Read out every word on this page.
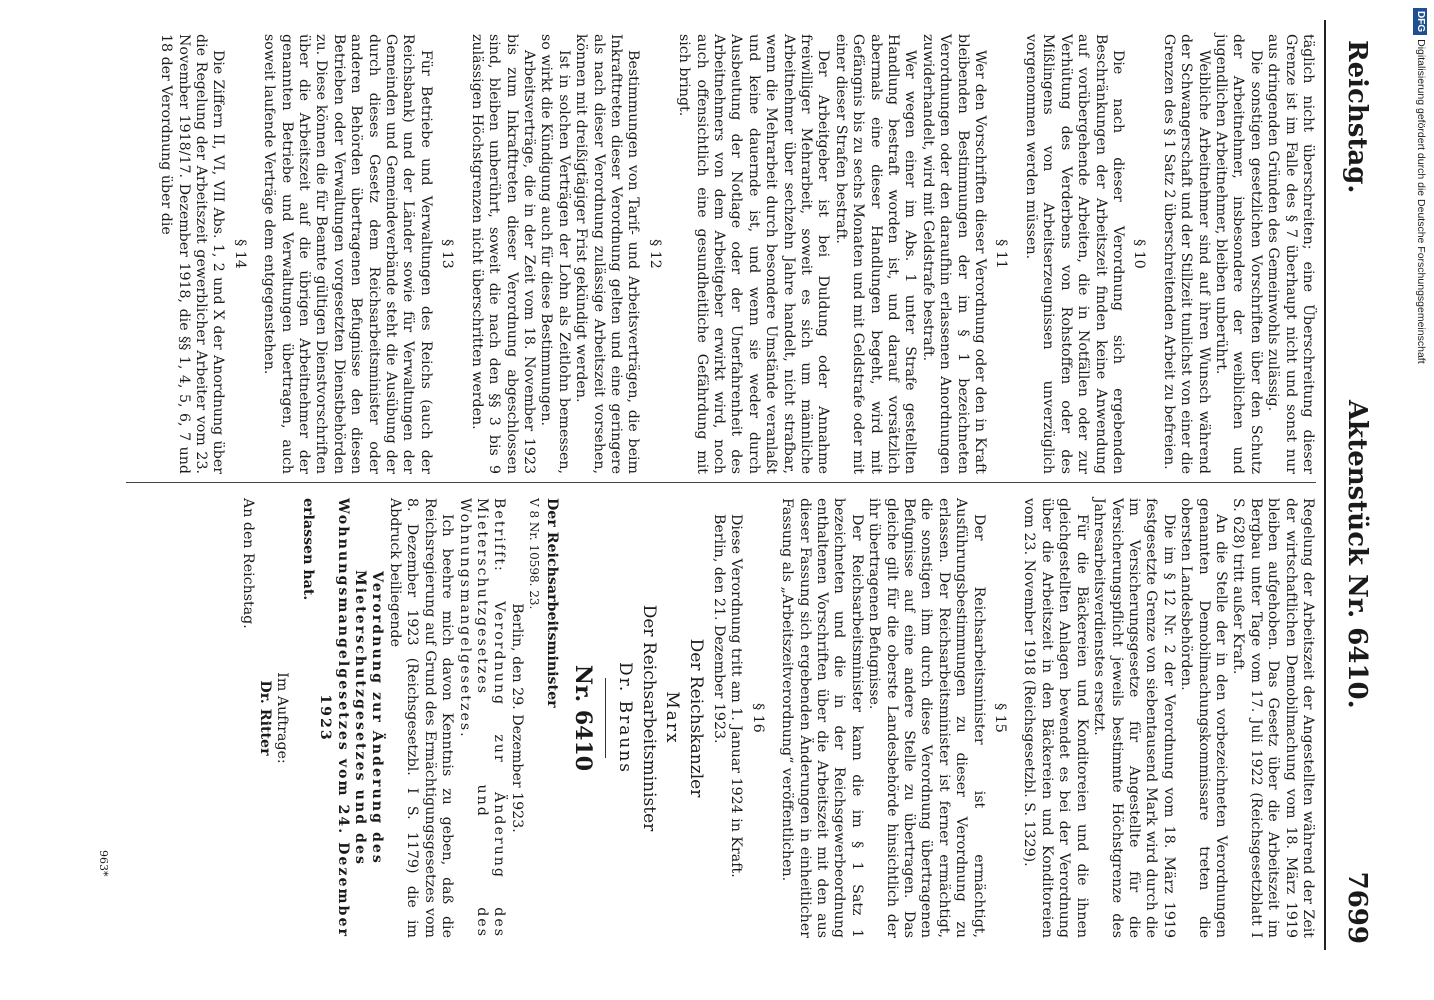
Reichstag.
Aktenstück Nr. 6410.
7699

täglich nicht überschreiten; eine Überschreitung dieser Grenze ist im Falle des § 7 überhaupt nicht und sonst nur aus dringenden Gründen des Gemeinwohls zulässig.

Die sonstigen gesetzlichen Vorschriften über den Schutz der Arbeitnehmer, insbesondere der weiblichen und jugendlichen Arbeitnehmer, bleiben unberührt.

Weibliche Arbeitnehmer sind auf ihren Wunsch während der Schwangerschaft und der Stillzeit tunlichst von einer die Grenzen des § 1 Satz 2 überschreitenden Arbeit zu befreien.

§ 10

Die nach dieser Verordnung sich ergebenden Beschränkungen der Arbeitszeit finden keine Anwendung auf vorübergehende Arbeiten, die in Notfällen oder zur Verhütung des Verderbens von Rohstoffen oder des Mißlingens von Arbeitserzeugnissen unverzüglich vorgenommen werden müssen.

§ 11

Wer den Vorschriften dieser Verordnung oder den in Kraft bleibenden Bestimmungen der im § 1 bezeichneten Verordnungen oder den daraufhin erlassenen Anordnungen zuwiderhandelt, wird mit Geldstrafe bestraft.

Wer wegen einer im Abs. 1 unter Strafe gestellten Handlung bestraft worden ist, und darauf vorsätzlich abermals eine dieser Handlungen begeht, wird mit Gefängnis bis zu sechs Monaten und mit Geldstrafe oder mit einer dieser Strafen bestraft.

Der Arbeitgeber ist bei Duldung oder Annahme freiwilliger Mehrarbeit, soweit es sich um männliche Arbeitnehmer über sechzehn Jahre handelt, nicht strafbar, wenn die Mehrarbeit durch besondere Umstände veranlaßt und keine dauernde ist, und wenn sie weder durch Ausbeutung der Notlage oder der Unerfahrenheit des Arbeitnehmers von dem Arbeitgeber erwirkt wird, noch auch offensichtlich eine gesundheitliche Gefährdung mit sich bringt.

§ 12

Bestimmungen von Tarif- und Arbeitsverträgen, die beim Inkrafttreten dieser Verordnung gelten und eine geringere als nach dieser Verordnung zulässige Arbeitszeit vorsehen, können mit dreißigtägiger Frist gekündigt werden.

Ist in solchen Verträgen der Lohn als Zeitlohn bemessen, so wirkt die Kündigung auch für diese Bestimmungen.

Arbeitsverträge, die in der Zeit vom 18. November 1923 bis zum Inkrafttreten dieser Verordnung abgeschlossen sind, bleiben unberührt, soweit die nach den §§ 3 bis 9 zulässigen Höchstgrenzen nicht überschritten werden.

§ 13

Für Betriebe und Verwaltungen des Reichs (auch der Reichsbank) und der Länder sowie für Verwaltungen der Gemeinden und Gemeindeverbände steht die Ausübung der durch dieses Gesetz dem Reichsarbeitsminister oder anderen Behörden übertragenen Befugnisse den diesen Betrieben oder Verwaltungen vorgesetzten Dienstbehörden zu. Diese können die für Beamte gültigen Dienstvorschriften über die Arbeitszeit auf die übrigen Arbeitnehmer der genannten Betriebe und Verwaltungen übertragen, auch soweit laufende Verträge dem entgegenstehen.

§ 14

Die Ziffern II, VI, VII Abs. 1, 2 und X der Anordnung über die Regelung der Arbeitszeit gewerblicher Arbeiter vom 23. November 1918/17. Dezember 1918, die §§ 1, 4, 5, 6, 7 und 18 der Verordnung über die

Regelung der Arbeitszeit der Angestellten während der Zeit der wirtschaftlichen Demobilmachung vom 18. März 1919 bleiben aufgehoben. Das Gesetz über die Arbeitszeit im Bergbau unter Tage vom 17. Juli 1922 (Reichsgesetzblatt I S. 628) tritt außer Kraft.

An die Stelle der in den vorbezeichneten Verordnungen genannten Demobilmachungskommissare treten die obersten Landesbehörden.

Die im § 12 Nr. 2 der Verordnung vom 18. März 1919 festgesetzte Grenze von siebentausend Mark wird durch die im Versicherungsgesetze für Angestellte für die Versicherungspflicht jeweils bestimmte Höchstgrenze des Jahresarbeitsverdienstes ersetzt.

Für die Bäckereien und Konditoreien und die ihnen gleichgestellten Anlagen bewendet es bei der Verordnung über die Arbeitszeit in den Bäckereien und Konditoreien vom 23. November 1918 (Reichsgesetzbl. S. 1329).

§ 15

Der Reichsarbeitsminister ist ermächtigt, Ausführungsbestimmungen zu dieser Verordnung zu erlassen. Der Reichsarbeitsminister ist ferner ermächtigt, die sonstigen ihm durch diese Verordnung übertragenen Befugnisse auf eine andere Stelle zu übertragen. Das gleiche gilt für die oberste Landesbehörde hinsichtlich der ihr übertragenen Befugnisse.

Der Reichsarbeitsminister kann die im § 1 Satz 1 bezeichneten und die in der Reichsgewerbeordnung enthaltenen Vorschriften über die Arbeitszeit mit den aus dieser Fassung sich ergebenden Änderungen in einheitlicher Fassung als „Arbeitszeitverordnung“ veröffentlichen.

§ 16

Diese Verordnung tritt am 1. Januar 1924 in Kraft.

Berlin, den 21. Dezember 1923.

Der Reichskanzler

Marx

Der Reichsarbeitsminister

Dr. Brauns

Nr. 6410

Der Reichsarbeitsminister

V 8 Nr. 10598. 23.

Berlin, den 29. Dezember 1923.

Betrifft: Verordnung zur Änderung des Mieterschutzgesetzes und des Wohnungsmangelgesetzes.

Ich beehre mich davon Kenntnis zu geben, daß die Reichsregierung auf Grund des Ermächtigungsgesetzes vom 8. Dezember 1923 (Reichsgesetzbl. I S. 1179) die im Abdruck beiliegende

Verordnung zur Änderung des Mieterschutzgesetzes und des Wohnungsmangelgesetzes vom 24. Dezember 1923

erlassen hat.

Im Auftrage:

Dr. Ritter

An den Reichstag.

963*
DFGDigitalisierung gefördert durch die Deutsche Forschungsgemeinschaft
